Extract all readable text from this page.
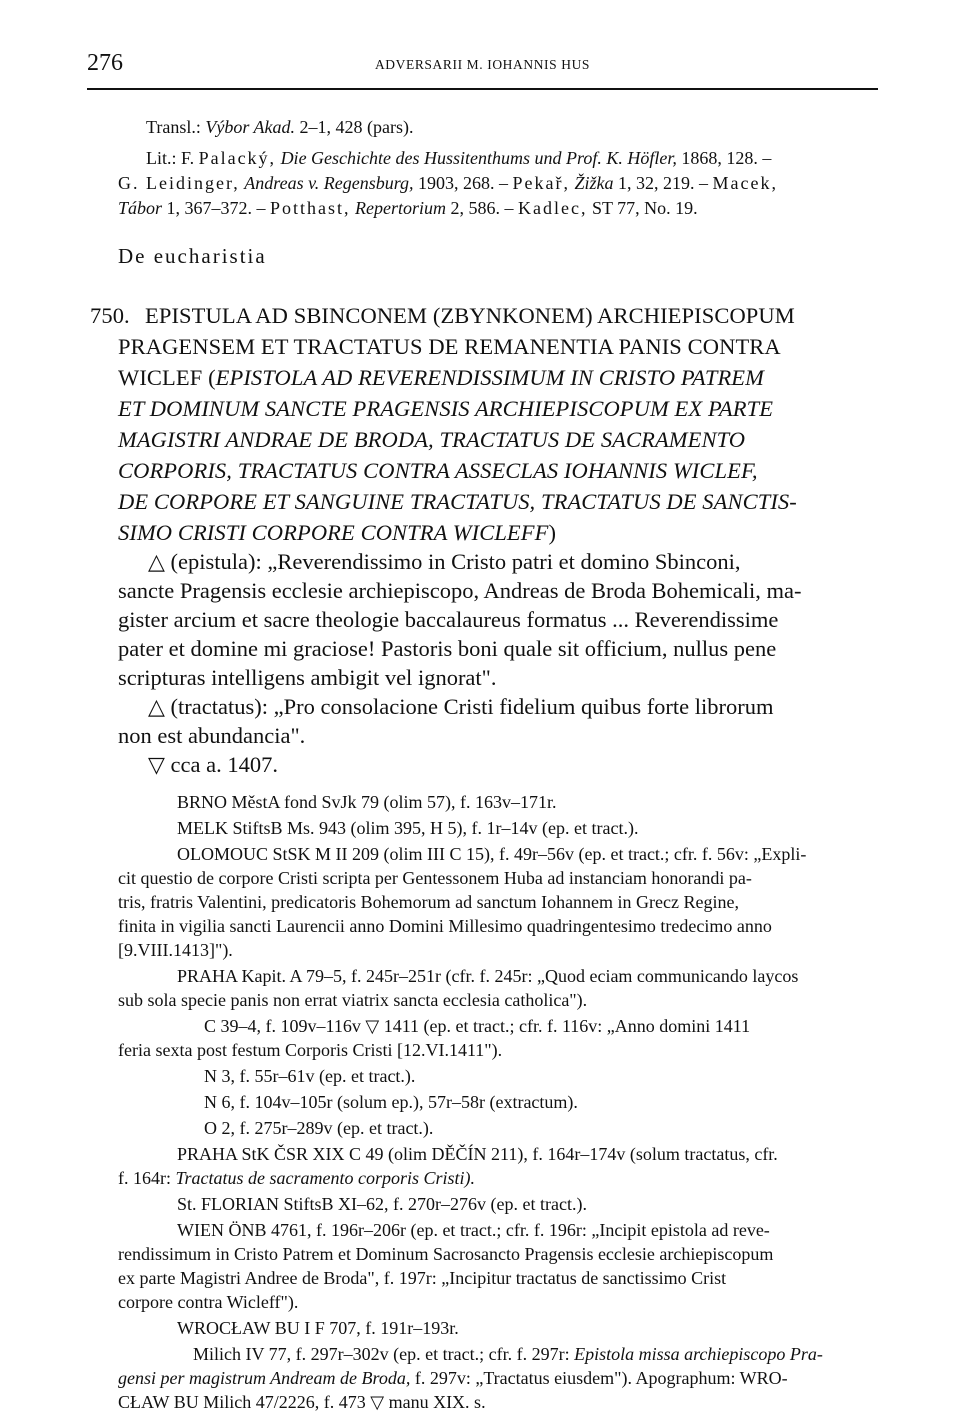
276	ADVERSARII M. IOHANNIS HUS
Transl.: Výbor Akad. 2–1, 428 (pars).
Lit.: F. Palacký, Die Geschichte des Hussitenthums und Prof. K. Höfler, 1868, 128. –
G. Leidinger, Andreas v. Regensburg, 1903, 268. – Pekař, Žižka 1, 32, 219. – Macek,
Tábor 1, 367–372. – Potthast, Repertorium 2, 586. – Kadlec, ST 77, No. 19.
De eucharistia
750. EPISTULA AD SBINCONEM (ZBYNKONEM) ARCHIEPISCOPUM
PRAGENSEM ET TRACTATUS DE REMANENTIA PANIS CONTRA
WICLEF (EPISTOLA AD REVERENDISSIMUM IN CRISTO PATREM
ET DOMINUM SANCTE PRAGENSIS ARCHIEPISCOPUM EX PARTE
MAGISTRI ANDRAE DE BRODA, TRACTATUS DE SACRAMENTO
CORPORIS, TRACTATUS CONTRA ASSECLAS IOHANNIS WICLEF,
DE CORPORE ET SANGUINE TRACTATUS, TRACTATUS DE SANCTIS-
SIMO CRISTI CORPORE CONTRA WICLEFF)
△ (epistula): „Reverendissimo in Cristo patri et domino Sbinconi,
sancte Pragensis ecclesie archiepiscopo, Andreas de Broda Bohemicali, ma-
gister arcium et sacre theologie baccalaureus formatus ... Reverendissime
pater et domine mi graciose! Pastoris boni quale sit officium, nullus pene
scripturas intelligens ambigit vel ignorat".
△ (tractatus): „Pro consolacione Cristi fidelium quibus forte librorum
non est abundancia".
▽ cca a. 1407.
BRNO MěstA fond SvJk 79 (olim 57), f. 163v–171r.
MELK StiftsB Ms. 943 (olim 395, H 5), f. 1r–14v (ep. et tract.).
OLOMOUC StSK M II 209 (olim III C 15), f. 49r–56v (ep. et tract.; cfr. f. 56v: „Expli-
cit questio de corpore Cristi scripta per Gentessonem Huba ad instanciam honorandi pa-
tris, fratris Valentini, predicatoris Bohemorum ad sanctum Iohannem in Grecz Regine,
finita in vigilia sancti Laurencii anno Domini Millesimo quadringentesimo tredecimo anno
[9.VIII.1413]").
PRAHA Kapit. A 79–5, f. 245r–251r (cfr. f. 245r: „Quod eciam communicando laycos
sub sola specie panis non errat viatrix sancta ecclesia catholica").
C 39–4, f. 109v–116v ▽ 1411 (ep. et tract.; cfr. f. 116v: „Anno domini 1411
feria sexta post festum Corporis Cristi [12.VI.1411").
N 3, f. 55r–61v (ep. et tract.).
N 6, f. 104v–105r (solum ep.), 57r–58r (extractum).
O 2, f. 275r–289v (ep. et tract.).
PRAHA StK ČSR XIX C 49 (olim DĚČÍN 211), f. 164r–174v (solum tractatus, cfr.
f. 164r: Tractatus de sacramento corporis Cristi).
St. FLORIAN StiftsB XI–62, f. 270r–276v (ep. et tract.).
WIEN ÖNB 4761, f. 196r–206r (ep. et tract.; cfr. f. 196r: „Incipit epistola ad reve-
rendissimum in Cristo Patrem et Dominum Sacrosancto Pragensis ecclesie archiepiscopum
ex parte Magistri Andree de Broda", f. 197r: „Incipitur tractatus de sanctissimo Crist
corpore contra Wicleff").
WROCŁAW BU I F 707, f. 191r–193r.
Milich IV 77, f. 297r–302v (ep. et tract.; cfr. f. 297r: Epistola missa archiepiscopo Pra-
gensi per magistrum Andream de Broda, f. 297v: „Tractatus eiusdem"). Apographum: WRO-
CŁAW BU Milich 47/2226, f. 473 ▽ manu XIX. s.
